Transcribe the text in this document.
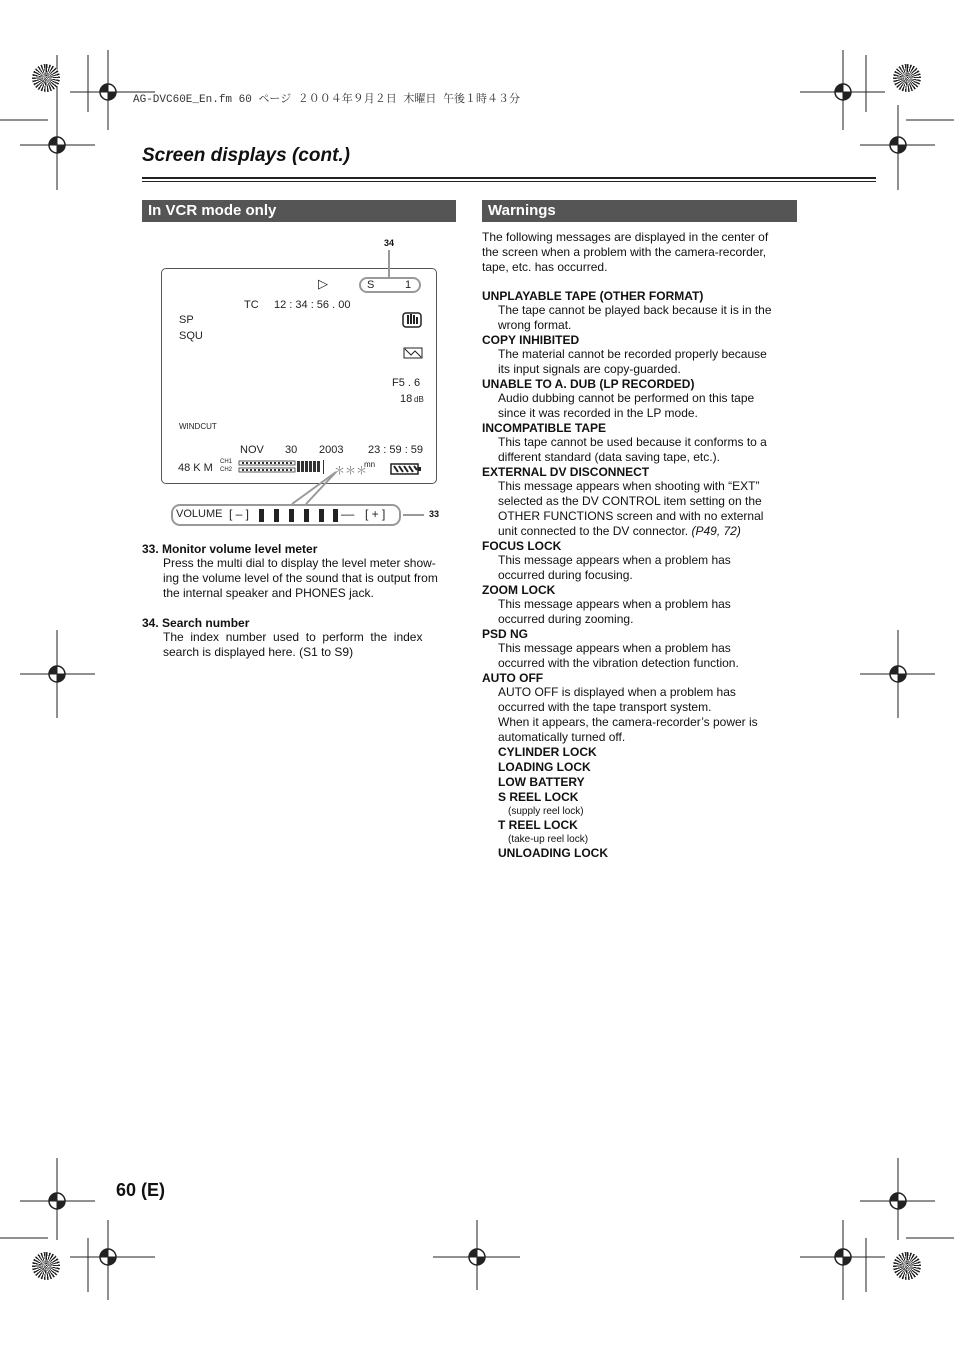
AG-DVC60E_En.fm 60 ページ ２００４年９月２日 木曜日 午後１時４３分
Screen displays (cont.)
In VCR mode only
34
33
▷
TC 12 : 34 : 56 . 00
SP
SQU
F5 . 6
18 dB
WINDCUT
NOV 30 2003 23 : 59 : 59
48 K M CH1
CH2	＊＊＊
mn
S	1
VOLUME [ – ]	–– [ + ]
33. Monitor volume level meter
Press the multi dial to display the level meter show-
ing the volume level of the sound that is output from
the internal speaker and PHONES jack.
34. Search number
The  index  number  used  to  perform  the  index
search is displayed here. (S1 to S9)
Warnings
The following messages are displayed in the center of
the screen when a problem with the camera-recorder,
tape, etc. has occurred.
UNPLAYABLE TAPE (OTHER FORMAT)
The tape cannot be played back because it is in the
wrong format.
COPY INHIBITED
The material cannot be recorded properly because
its input signals are copy-guarded.
UNABLE TO A. DUB (LP RECORDED)
Audio dubbing cannot be performed on this tape
since it was recorded in the LP mode.
INCOMPATIBLE TAPE
This tape cannot be used because it conforms to a
different standard (data saving tape, etc.).
EXTERNAL DV DISCONNECT
This message appears when shooting with “EXT”
selected as the DV CONTROL item setting on the
OTHER FUNCTIONS screen and with no external
unit connected to the DV connector. (P49, 72)
FOCUS LOCK
This message appears when a problem has
occurred during focusing.
ZOOM LOCK
This message appears when a problem has
occurred during zooming.
PSD NG
This message appears when a problem has
occurred with the vibration detection function.
AUTO OFF
AUTO OFF is displayed when a problem has
occurred with the tape transport system.
When it appears, the camera-recorder’s power is
automatically turned off.
CYLINDER LOCK
LOADING LOCK
LOW BATTERY
S REEL LOCK
(supply reel lock)
T REEL LOCK
(take-up reel lock)
UNLOADING LOCK
60 (E)
